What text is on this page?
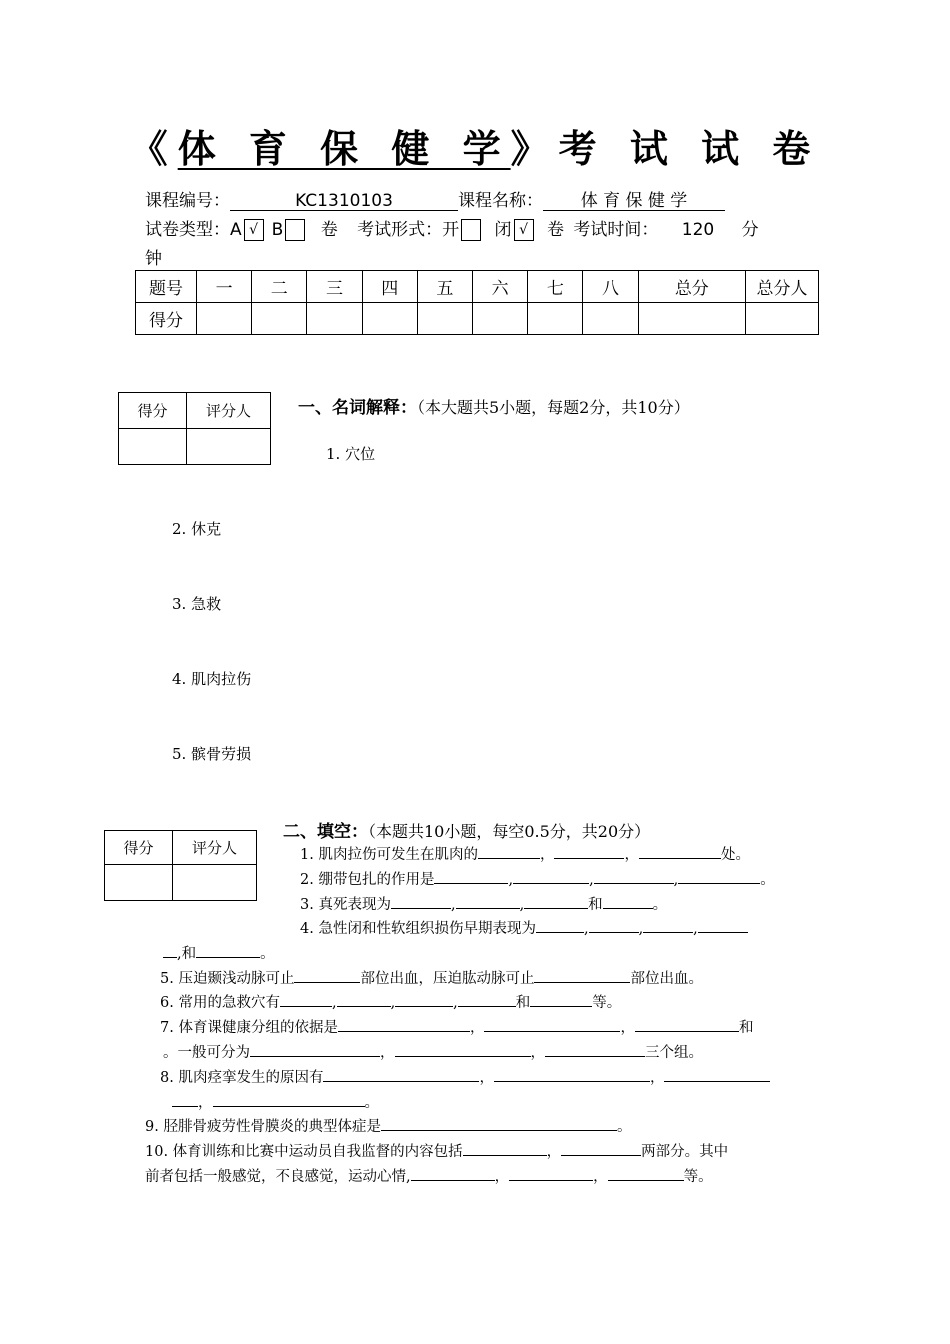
《体 育 保 健 学》考 试 试 卷
课程编号：	KC1310103	课程名称： 体 育 保 健 学
试卷类型：A √ B 卷 考试形式：开 闭 √ 卷 考试时间： 120 分
钟
题号	一	二	三	四	五	六	七	八	总分	总分人
得分										
得分	评分人
		一、名词解释：（本大题共5小题，每题2分，共10分）
1. 穴位
2. 休克
3. 急救
4. 肌肉拉伤
5. 髌骨劳损
得分	评分人

二、填空：（本题共10小题，每空0.5分，共20分）
1. 肌肉拉伤可发生在肌肉的	，	，	处。
2. 绷带包扎的作用是	,	,	,	。
3. 真死表现为	,	,	和	。
4. 急性闭和性软组织损伤早期表现为	,	,	,
,和	。
5. 压迫颞浅动脉可止	部位出血，压迫肱动脉可止	部位出血。
6. 常用的急救穴有	,	,	,	和	等。
7. 体育课健康分组的依据是	，	，	和
。一般可分为	，	，	三个组。
8. 肌肉痉挛发生的原因有	，	，
，	。
9. 胫腓骨疲劳性骨膜炎的典型体症是	。
10. 体育训练和比赛中运动员自我监督的内容包括	，	两部分。其中
前者包括一般感觉，不良感觉，运动心情,	，	，	等。
